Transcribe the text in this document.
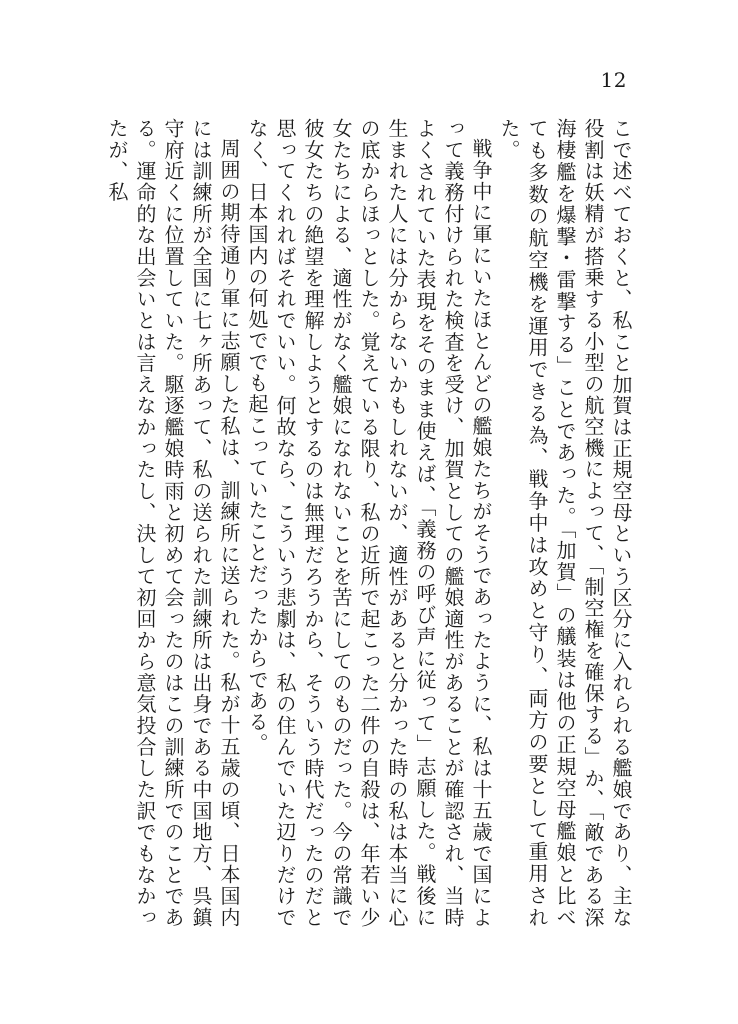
12

こで述べておくと、私こと加賀は正規空母という区分に入れられる艦娘であり、主な役割は妖精が搭乗する小型の航空機によって、「制空権を確保する」か、「敵である深海棲艦を爆撃・雷撃する」ことであった。「加賀」の艤装は他の正規空母艦娘と比べても多数の航空機を運用できる為、戦争中は攻めと守り、両方の要として重用された。

戦争中に軍にいたほとんどの艦娘たちがそうであったように、私は十五歳で国によって義務付けられた検査を受け、加賀としての艦娘適性があることが確認され、当時よくされていた表現をそのまま使えば、「義務の呼び声に従って」志願した。戦後に生まれた人には分からないかもしれないが、適性があると分かった時の私は本当に心の底からほっとした。覚えている限り、私の近所で起こった二件の自殺は、年若い少女たちによる、適性がなく艦娘になれないことを苦にしてのものだった。今の常識で彼女たちの絶望を理解しようとするのは無理だろうから、そういう時代だったのだと思ってくれればそれでいい。何故なら、こういう悲劇は、私の住んでいた辺りだけでなく、日本国内の何処ででも起こっていたことだったからである。

周囲の期待通り軍に志願した私は、訓練所に送られた。私が十五歳の頃、日本国内には訓練所が全国に七ヶ所あって、私の送られた訓練所は出身である中国地方、呉鎮守府近くに位置していた。駆逐艦娘時雨と初めて会ったのはこの訓練所でのことである。運命的な出会いとは言えなかったし、決して初回から意気投合した訳でもなかったが、私
